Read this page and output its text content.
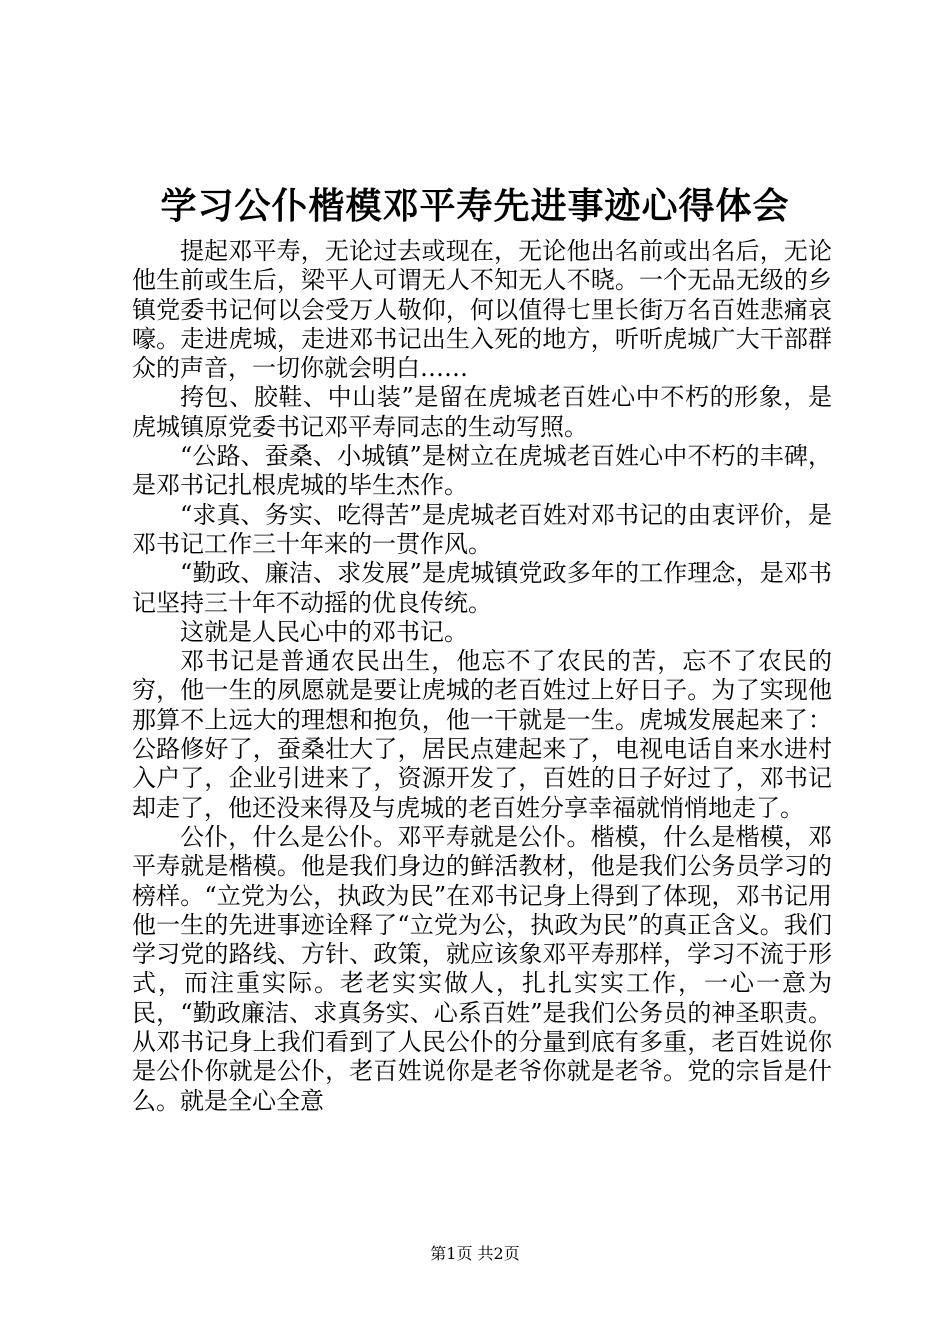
学习公仆楷模邓平寿先进事迹心得体会

提起邓平寿，无论过去或现在，无论他出名前或出名后，无论他生前或生后，梁平人可谓无人不知无人不晓。一个无品无级的乡镇党委书记何以会受万人敬仰，何以值得七里长街万名百姓悲痛哀嚎。走进虎城，走进邓书记出生入死的地方，听听虎城广大干部群众的声音，一切你就会明白……

挎包、胶鞋、中山装”是留在虎城老百姓心中不朽的形象，是虎城镇原党委书记邓平寿同志的生动写照。

“公路、蚕桑、小城镇”是树立在虎城老百姓心中不朽的丰碑，是邓书记扎根虎城的毕生杰作。

“求真、务实、吃得苦”是虎城老百姓对邓书记的由衷评价，是邓书记工作三十年来的一贯作风。

“勤政、廉洁、求发展”是虎城镇党政多年的工作理念，是邓书记坚持三十年不动摇的优良传统。

这就是人民心中的邓书记。

邓书记是普通农民出生，他忘不了农民的苦，忘不了农民的穷，他一生的夙愿就是要让虎城的老百姓过上好日子。为了实现他那算不上远大的理想和抱负，他一干就是一生。虎城发展起来了：公路修好了，蚕桑壮大了，居民点建起来了，电视电话自来水进村入户了，企业引进来了，资源开发了，百姓的日子好过了，邓书记却走了，他还没来得及与虎城的老百姓分享幸福就悄悄地走了。

公仆，什么是公仆。邓平寿就是公仆。楷模，什么是楷模，邓平寿就是楷模。他是我们身边的鲜活教材，他是我们公务员学习的榜样。“立党为公，执政为民”在邓书记身上得到了体现，邓书记用他一生的先进事迹诠释了“立党为公，执政为民”的真正含义。我们学习党的路线、方针、政策，就应该象邓平寿那样，学习不流于形式，而注重实际。老老实实做人，扎扎实实工作，一心一意为民，“勤政廉洁、求真务实、心系百姓”是我们公务员的神圣职责。从邓书记身上我们看到了人民公仆的分量到底有多重，老百姓说你是公仆你就是公仆，老百姓说你是老爷你就是老爷。党的宗旨是什么。就是全心全意

第1页 共2页
